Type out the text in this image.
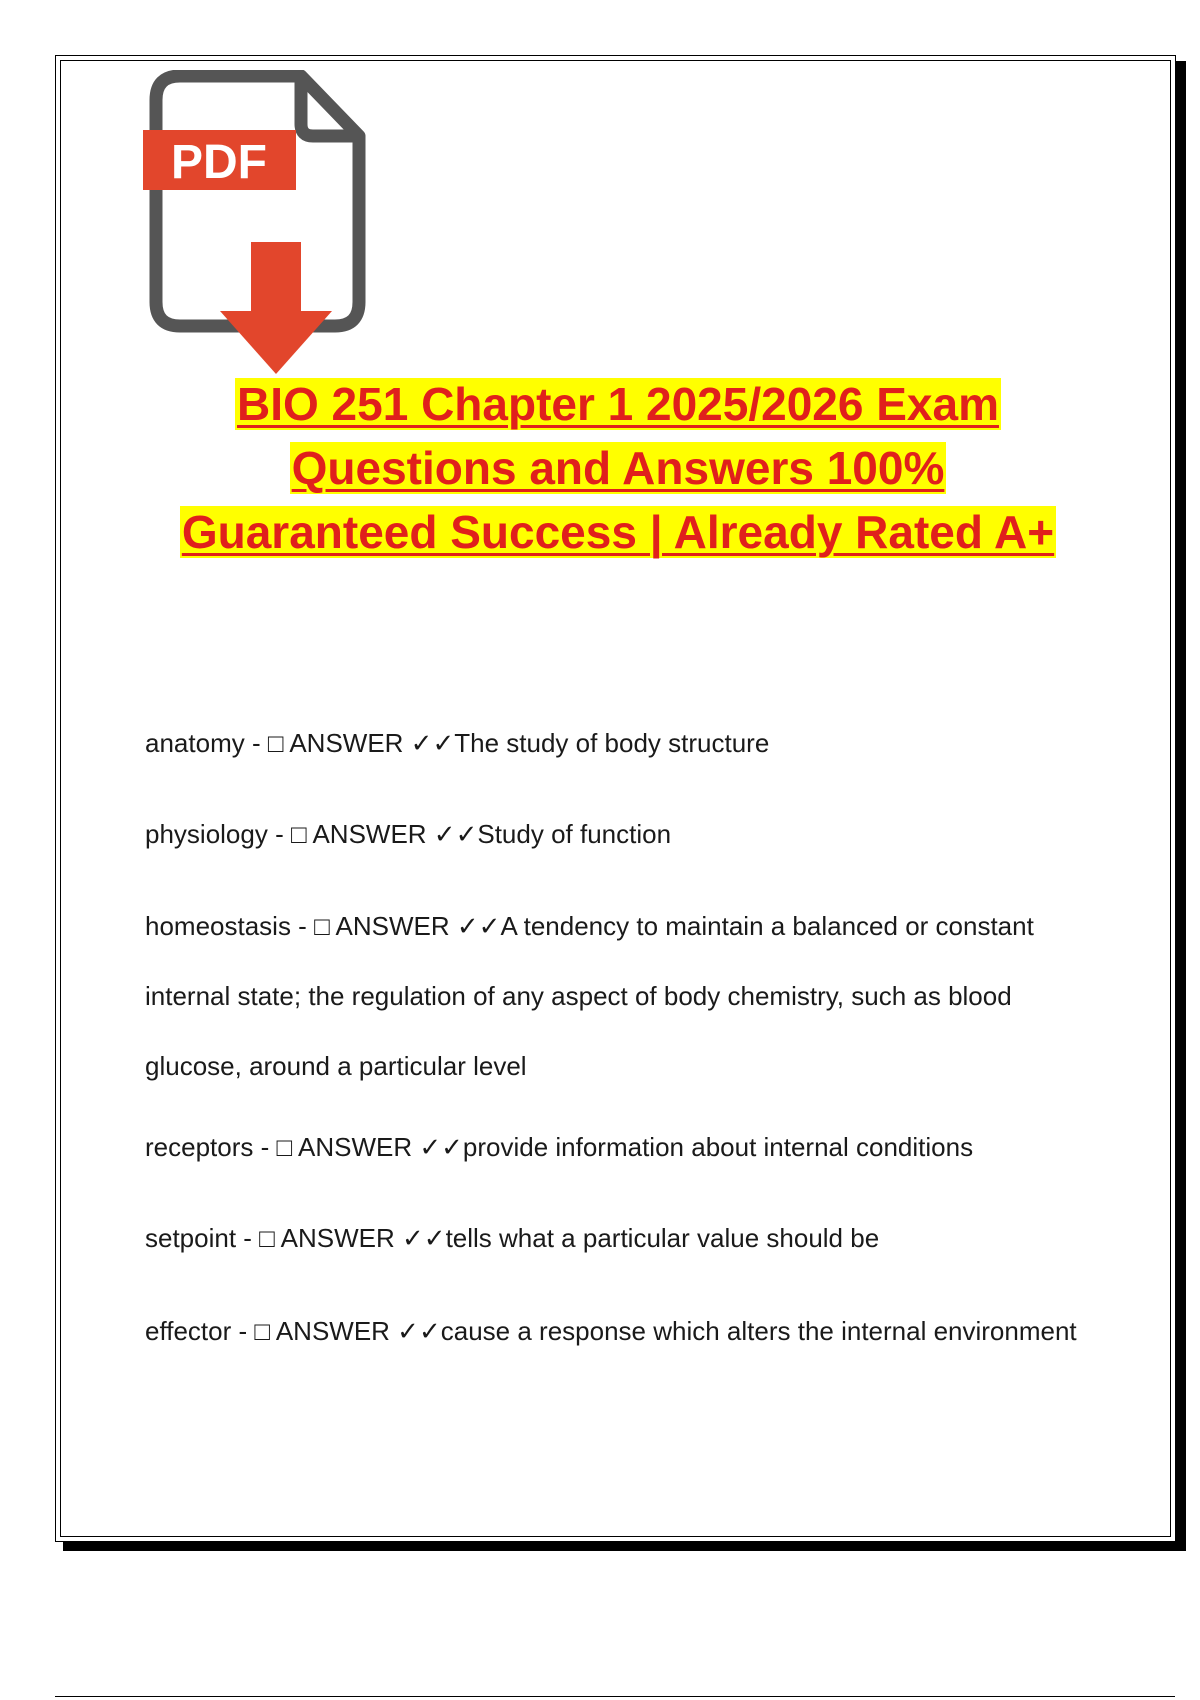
PDF
BIO 251 Chapter 1 2025/2026 Exam
Questions and Answers 100%
Guaranteed Success | Already Rated A+

anatomy - □ ANSWER ✓✓The study of body structure

physiology - □ ANSWER ✓✓Study of function

homeostasis - □ ANSWER ✓✓A tendency to maintain a balanced or constant internal state; the regulation of any aspect of body chemistry, such as blood glucose, around a particular level

receptors - □ ANSWER ✓✓provide information about internal conditions

setpoint - □ ANSWER ✓✓tells what a particular value should be

effector - □ ANSWER ✓✓cause a response which alters the internal environment
